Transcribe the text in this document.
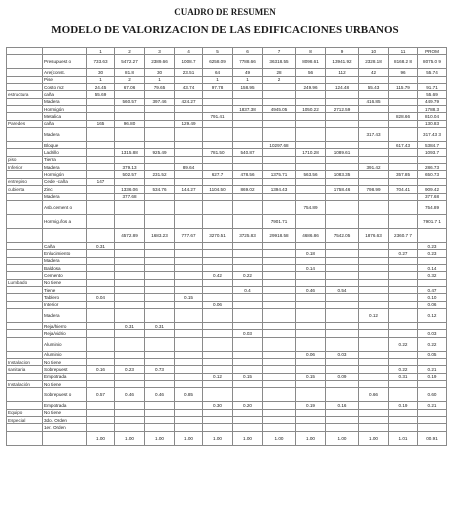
CUADRO DE RESUMEN
MODELO DE VALORIZACION DE LAS EDIFICACIONES URBANOS
		1	2	3	4	5	6	7	8	9	10	11	PROM
	Presupuest o	733.63	5472.27	2389.66	1008.7	6258.09	7788.66	36318.55	8098.61	13941.92	2328.18	8168.2 8	8075.0 9
	Are(const.	30	81.8	30	23.51	64	49	28	56	112	42	96	55.74
	Pise	1	2	1		1	1	2					
	Costo m2	24.45	67.06	79.65	43.74	97.78	158.95		249.96	124.48	55.43	115.79	91.71
estructura	caña	55.69											55.69
	Madera		560.57	397.46	424.27						416.85		449.79
	Hormigón						1837.38	4945.05	1050.22	2712.59			1788.3
	Metalica					791.41						828.66	810.04
Paredes	caña	165	96.80		129.49								130.83
	Madera										317.43		317.43 3
	Bloque							10297.68				617.43	5384.7
	Ladrillo		1315.88	925.49		781.50	540.87		1710.28	1089.61			1093.7
piso	Tierra												
Inferior	Madera		379.13		89.64						391.42		286.73
	Hormigón		502.57	231.52		627.7	478.56	1375.71	563.56	1083.35		357.85	650.73
entrepiso	Cede -caña	147											
cubierta	Zinc		1336.06	534.76	144.27	1104.50	869.02	1394.43		1758.46	798.99	704.41	909.42
	Madera		377.68										377.68
	Asb.cement o								754.89				754.89
	Hormig./los a							7901.71					7901.7 1
			4572.89	1683.23	777.67	3270.51	3725.83	29918.58	4686.86	7542.05	1876.63	2360.7 7	
	Caña	0.31											0.23
	Enlucimiento								0.18			0.27	0.23
	Madera												
	Baldosa								0.14				0.14
	Cemento					0.42	0.22						0.32
Lumbado	No tiene												
	Tiene						0.4		0.46	0.54			0.47
	Tablero	0.04			0.15								0.10
	Interior					0.06							0.06
	Madera										0.12		0.12
	Reja/hierro		0.31	0.31									
	Reja/vidrio						0.03						0.03
	Aluminio											0.22	0.22
	Aluminio								0.06	0.03			0.05
Instalacion	No tiene												
sanitaria	Sobrepuest	0.16	0.23	0.73								0.22	0.21
	Empotrada					0.12	0.15		0.15	0.09		0.31	0.19
Instalación	No tiene												
	Sobrepuest o	0.57	0.46	0.46	0.85						0.66		0.60
	Empotrada					0.30	0.20		0.19	0.16		0.19	0.21
Equipo	No tiene												
Especial	3do. Orden												
	1er. Orden												
		1.00	1.00	1.00	1.00	1.00	1.00	1.00	1.00	1.00	1.00	1.01	00.91
